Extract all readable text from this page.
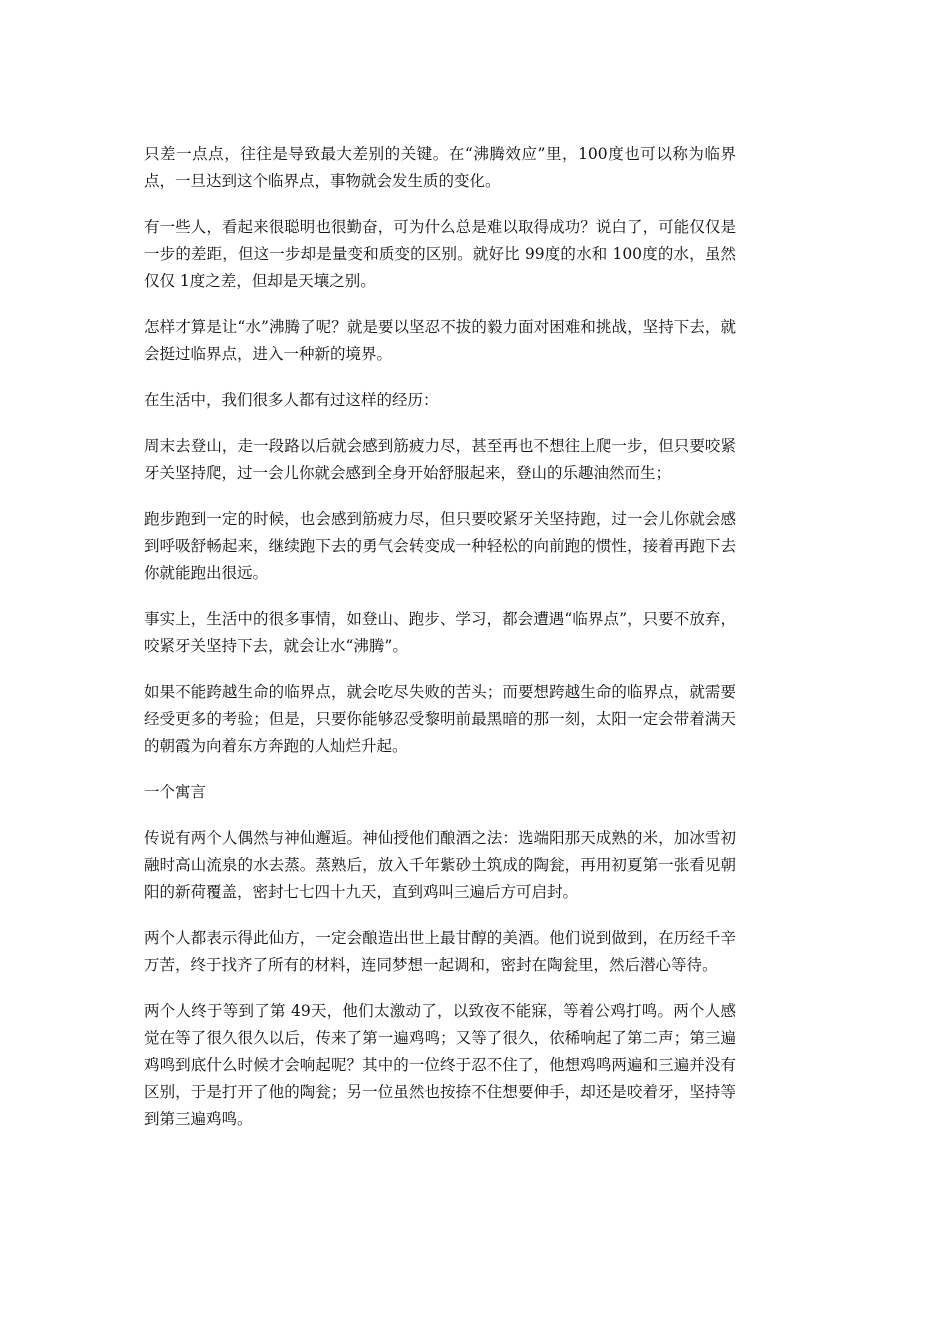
只差一点点，往往是导致最大差别的关键。在“沸腾效应”里，100度也可以称为临界点，一旦达到这个临界点，事物就会发生质的变化。

有一些人，看起来很聪明也很勤奋，可为什么总是难以取得成功？说白了，可能仅仅是一步的差距，但这一步却是量变和质变的区别。就好比 99度的水和 100度的水，虽然仅仅 1度之差，但却是天壤之别。

怎样才算是让“水”沸腾了呢？就是要以坚忍不拔的毅力面对困难和挑战，坚持下去，就会挺过临界点，进入一种新的境界。

在生活中，我们很多人都有过这样的经历：

周末去登山，走一段路以后就会感到筋疲力尽，甚至再也不想往上爬一步，但只要咬紧牙关坚持爬，过一会儿你就会感到全身开始舒服起来，登山的乐趣油然而生；

跑步跑到一定的时候，也会感到筋疲力尽，但只要咬紧牙关坚持跑，过一会儿你就会感到呼吸舒畅起来，继续跑下去的勇气会转变成一种轻松的向前跑的惯性，接着再跑下去你就能跑出很远。

事实上，生活中的很多事情，如登山、跑步、学习，都会遭遇“临界点”，只要不放弃，咬紧牙关坚持下去，就会让水“沸腾”。

如果不能跨越生命的临界点，就会吃尽失败的苦头；而要想跨越生命的临界点，就需要经受更多的考验；但是，只要你能够忍受黎明前最黑暗的那一刻，太阳一定会带着满天的朝霞为向着东方奔跑的人灿烂升起。

一个寓言

传说有两个人偶然与神仙邂逅。神仙授他们酿酒之法：选端阳那天成熟的米，加冰雪初融时高山流泉的水去蒸。蒸熟后，放入千年紫砂土筑成的陶瓮，再用初夏第一张看见朝阳的新荷覆盖，密封七七四十九天，直到鸡叫三遍后方可启封。

两个人都表示得此仙方，一定会酿造出世上最甘醇的美酒。他们说到做到，在历经千辛万苦，终于找齐了所有的材料，连同梦想一起调和，密封在陶瓮里，然后潜心等待。

两个人终于等到了第 49天，他们太激动了，以致夜不能寐，等着公鸡打鸣。两个人感觉在等了很久很久以后，传来了第一遍鸡鸣；又等了很久，依稀响起了第二声；第三遍鸡鸣到底什么时候才会响起呢？其中的一位终于忍不住了，他想鸡鸣两遍和三遍并没有区别，于是打开了他的陶瓮；另一位虽然也按捺不住想要伸手，却还是咬着牙，坚持等到第三遍鸡鸣。
